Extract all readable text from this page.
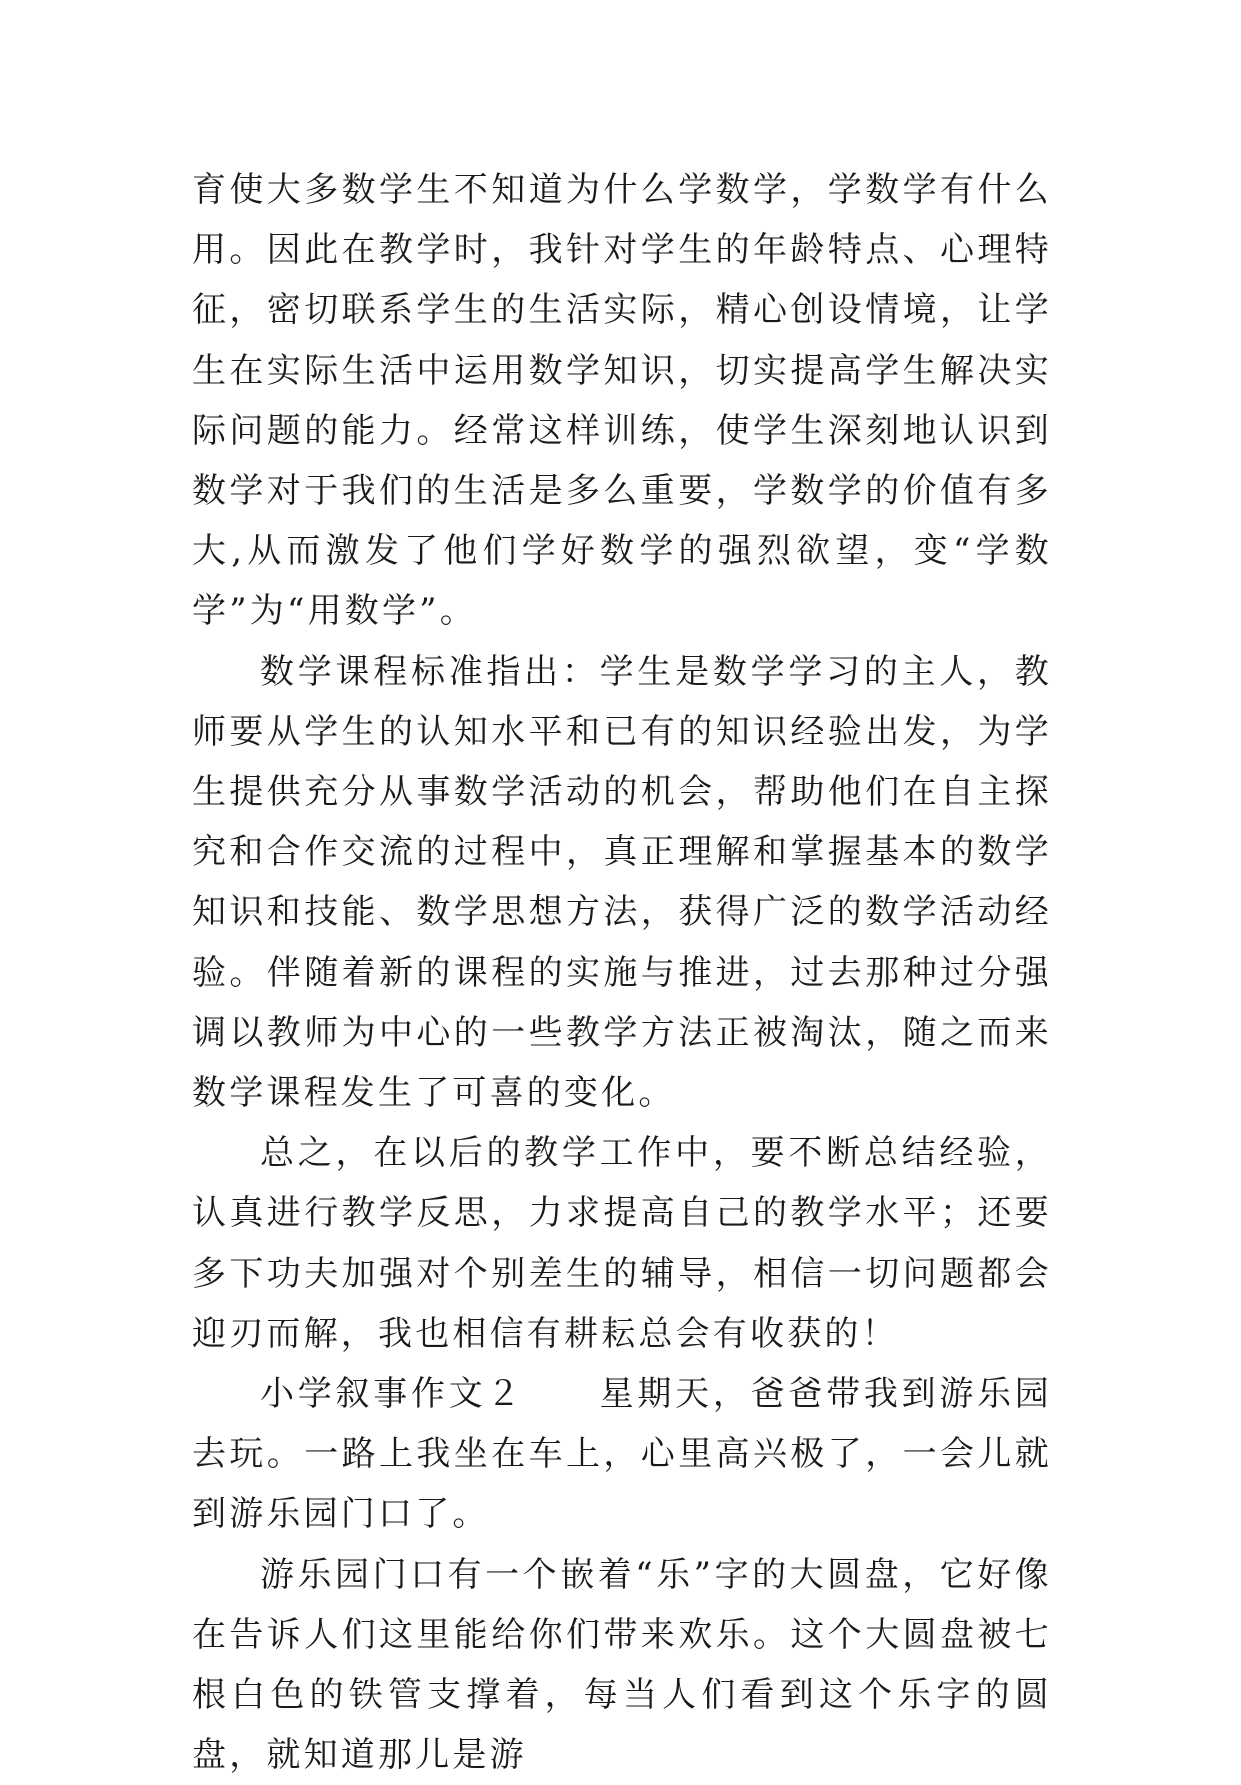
育使大多数学生不知道为什么学数学，学数学有什么用。因此在教学时，我针对学生的年龄特点、心理特征，密切联系学生的生活实际，精心创设情境，让学生在实际生活中运用数学知识，切实提高学生解决实际问题的能力。经常这样训练，使学生深刻地认识到数学对于我们的生活是多么重要，学数学的价值有多大,从而激发了他们学好数学的强烈欲望，变“学数学”为“用数学”。

数学课程标准指出：学生是数学学习的主人，教师要从学生的认知水平和已有的知识经验出发，为学生提供充分从事数学活动的机会，帮助他们在自主探究和合作交流的过程中，真正理解和掌握基本的数学知识和技能、数学思想方法，获得广泛的数学活动经验。伴随着新的课程的实施与推进，过去那种过分强调以教师为中心的一些教学方法正被淘汰，随之而来数学课程发生了可喜的变化。

总之，在以后的教学工作中，要不断总结经验，认真进行教学反思，力求提高自己的教学水平；还要多下功夫加强对个别差生的辅导，相信一切问题都会迎刃而解，我也相信有耕耘总会有收获的！

小学叙事作文２　　星期天，爸爸带我到游乐园去玩。一路上我坐在车上，心里高兴极了，一会儿就到游乐园门口了。

游乐园门口有一个嵌着“乐”字的大圆盘，它好像在告诉人们这里能给你们带来欢乐。这个大圆盘被七根白色的铁管支撑着，每当人们看到这个乐字的圆盘，就知道那儿是游
